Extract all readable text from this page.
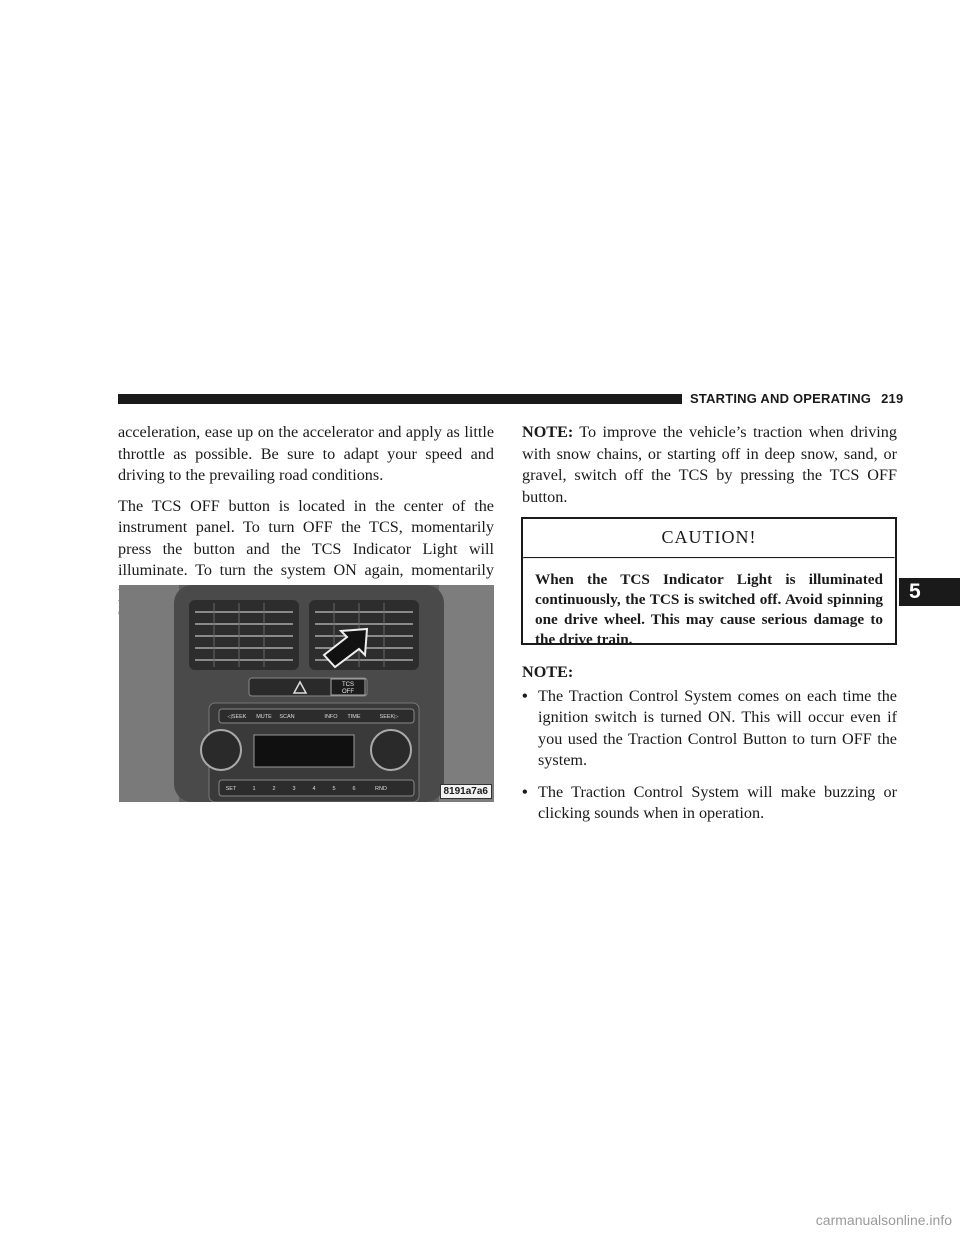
STARTING AND OPERATING 219

acceleration, ease up on the accelerator and apply as little throttle as possible. Be sure to adapt your speed and driving to the prevailing road conditions.

The TCS OFF button is located in the center of the instrument panel. To turn OFF the TCS, momentarily press the button and the TCS Indicator Light will illuminate. To turn the system ON again, momentarily

TCS
OFF
◁SEEK MUTE SCAN	INFO TIME	SEEK▷
SET	1	2	3	4	5	6	RND	8191a7a6

NOTE: To improve the vehicle’s traction when driving with snow chains, or starting off in deep snow, sand, or gravel, switch off the TCS by pressing the TCS OFF button.

CAUTION!
When the TCS Indicator Light is illuminated continuously, the TCS is switched off. Avoid spinning one drive wheel. This may cause serious damage to the drive train.
NOTE:
• The Traction Control System comes on each time the ignition switch is turned ON. This will occur even if you used the Traction Control Button to turn OFF the system.
• The Traction Control System will make buzzing or clicking sounds when in operation.
5
carmanualsonline.info
